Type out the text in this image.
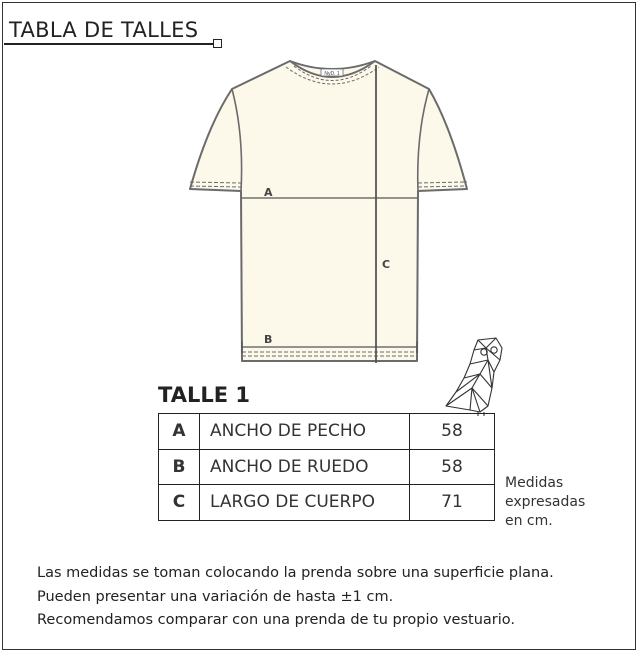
TABLA DE TALLES
NyD. 1
A
B
C
TALLE 1
A	ANCHO DE PECHO	58
B	ANCHO DE RUEDO	58
C	LARGO DE CUERPO	71
Medidas
expresadas
en cm.
Las medidas se toman colocando la prenda sobre una superficie plana.
Pueden presentar una variación de hasta ±1 cm.
Recomendamos comparar con una prenda de tu propio vestuario.
